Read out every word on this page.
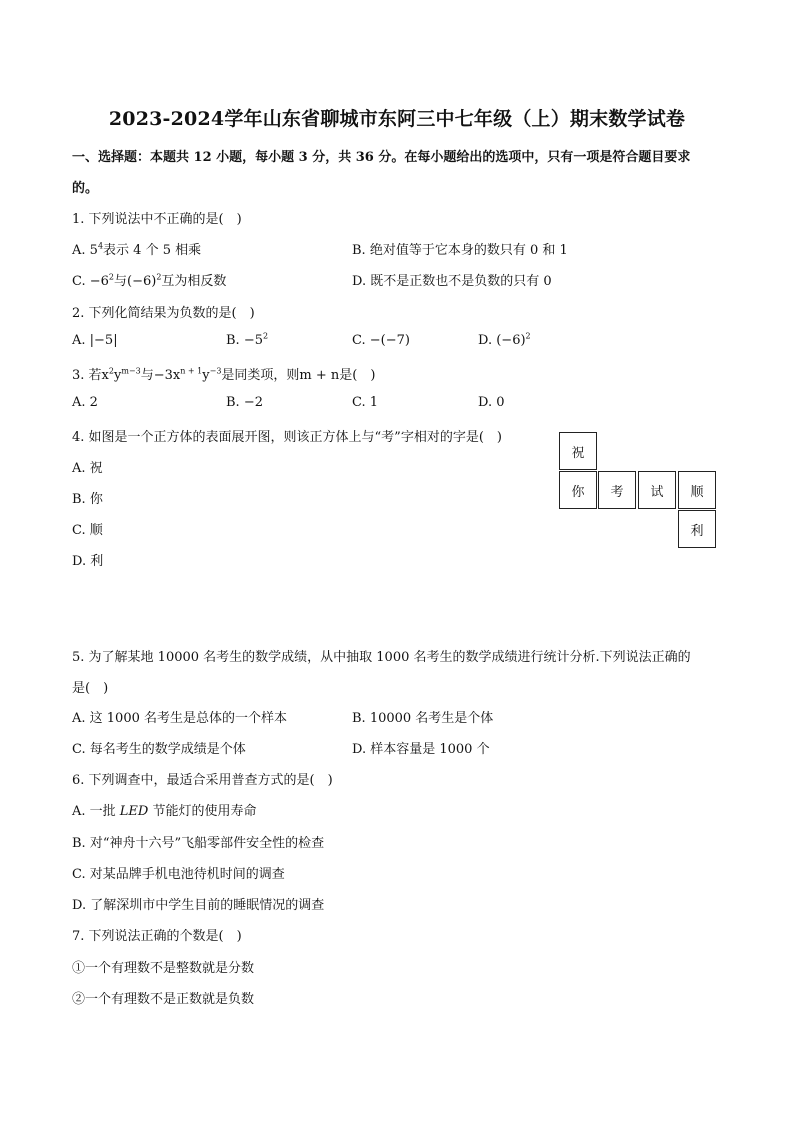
2023-2024学年山东省聊城市东阿三中七年级（上）期末数学试卷
一、选择题：本题共 12 小题，每小题 3 分，共 36 分。在每小题给出的选项中，只有一项是符合题目要求
的。
1. 下列说法中不正确的是(　)
A. $5^4$表示 4 个 5 相乘	B. 绝对值等于它本身的数只有 0 和 1
C. $-6^2$与$(-6)^2$互为相反数	D. 既不是正数也不是负数的只有 0
2. 下列化简结果为负数的是(　)
A. |−5|	B. $-5^2$	C. −(−7)	D. $(-6)^2$
3. 若$x^2y^{m-3}$与$-3x^{n + 1}y^{-3}$是同类项，则m + n是(　)
A. 2	B. −2	C. 1	D. 0
4. 如图是一个正方体的表面展开图，则该正方体上与“考”字相对的字是(　)
A. 祝
B. 你
C. 顺
D. 利
祝
你	考	试	顺
利
5. 为了解某地 10000 名考生的数学成绩，从中抽取 1000 名考生的数学成绩进行统计分析.下列说法正确的
是(　)
A. 这 1000 名考生是总体的一个样本	B. 10000 名考生是个体
C. 每名考生的数学成绩是个体	D. 样本容量是 1000 个
6. 下列调查中，最适合采用普查方式的是(　)
A. 一批 LED 节能灯的使用寿命
B. 对“神舟十六号”飞船零部件安全性的检查
C. 对某品牌手机电池待机时间的调查
D. 了解深圳市中学生目前的睡眠情况的调查
7. 下列说法正确的个数是(　)
①一个有理数不是整数就是分数
②一个有理数不是正数就是负数
